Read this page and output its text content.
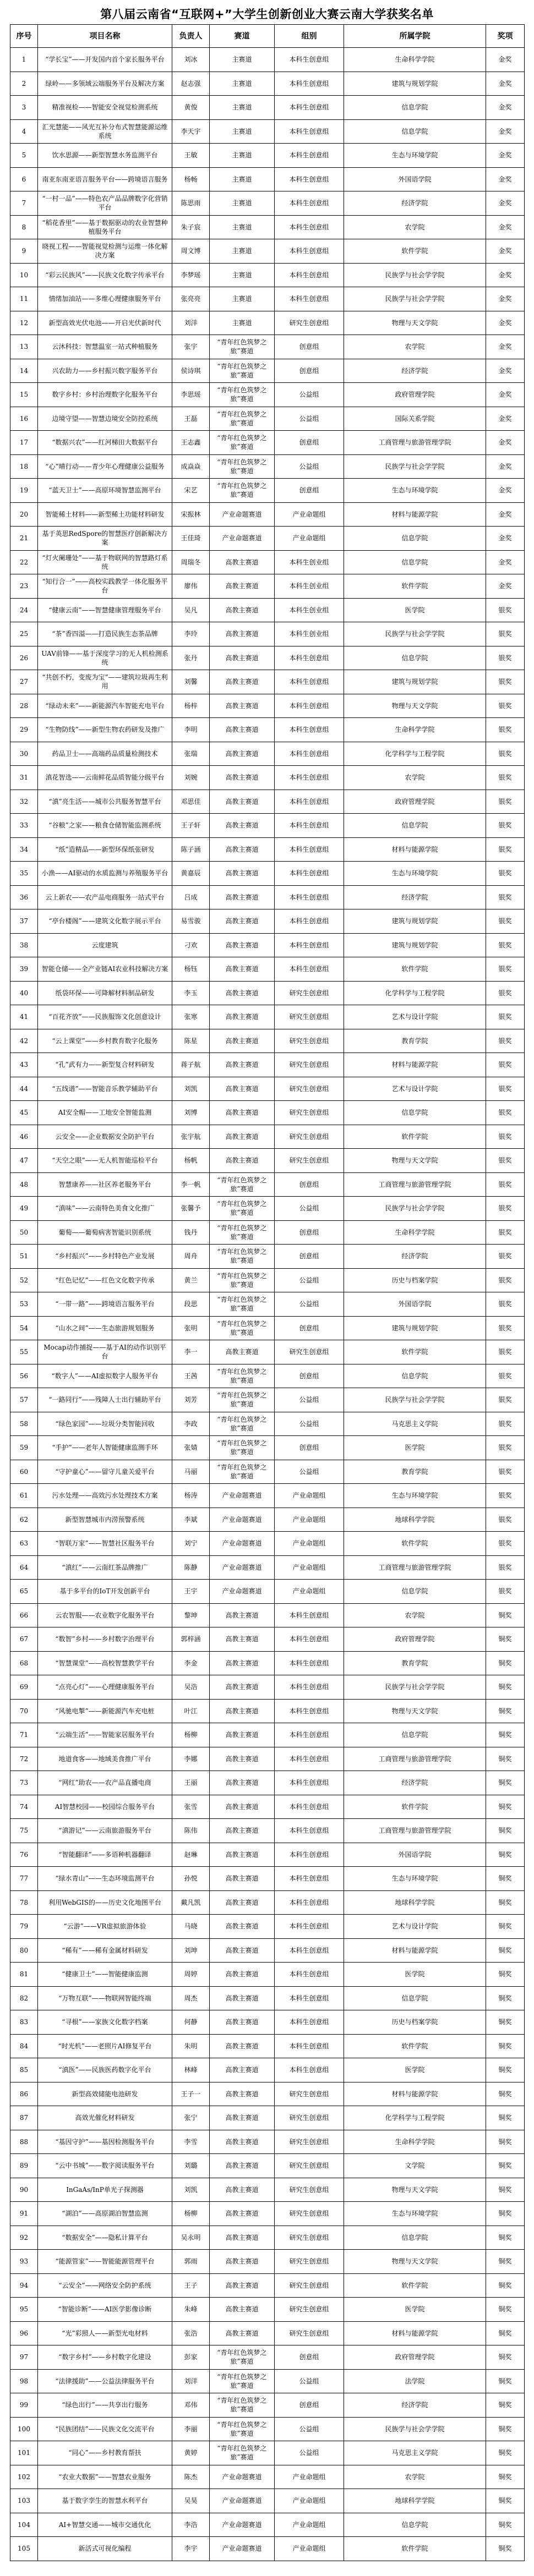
第八届云南省“互联网+”大学生创新创业大赛云南大学获奖名单
序号	项目名称	负责人	赛道	组别	所属学院	奖项
1	“学长宝”——开发国内首个家长服务平台	刘冰	主赛道	本科生创意组	生命科学学院	金奖
2	绿岭——多领域云端服务平台及解决方案	赵志强	主赛道	本科生创意组	建筑与规划学院	金奖
3	精准视检——智能安全视觉检测系统	黄俊	主赛道	本科生创意组	信息学院	金奖
4	汇光慧能——风光互补分布式智慧能源运维系统	李天宇	主赛道	本科生创意组	信息学院	金奖
5	饮水思源——新型智慧水务监测平台	王敏	主赛道	本科生创意组	生态与环境学院	金奖
6	南亚东南亚语言服务平台——跨境语言服务	杨畅	主赛道	本科生创意组	外国语学院	金奖
7	“一村一品”——特色农产品品牌数字化营销平台	陈思雨	主赛道	本科生创意组	经济学院	金奖
8	“稻花香里”——基于数据驱动的农业智慧种植服务平台	朱子宸	主赛道	本科生创意组	农学院	金奖
9	晓视工程——智能视觉检测与运维一体化解决方案	周文博	主赛道	本科生创意组	软件学院	金奖
10	“彩云民族风”——民族文化数字传承平台	李梦瑶	主赛道	本科生创意组	民族学与社会学学院	金奖
11	情绪加油站——多维心理健康服务平台	张亮亮	主赛道	本科生创意组	民族学与社会学学院	金奖
12	新型高效光伏电池——开启光伏新时代	刘洋	主赛道	研究生创意组	物理与天文学院	金奖
13	云沐科技：智慧温室一站式种植服务	张宇	“青年红色筑梦之旅”赛道	创意组	农学院	金奖
14	兴农助力——乡村振兴数字服务平台	侯诗琪	“青年红色筑梦之旅”赛道	创意组	经济学院	金奖
15	数字乡村：乡村治理数字化服务平台	李思瑶	“青年红色筑梦之旅”赛道	公益组	政府管理学院	金奖
16	边境守望——智慧边境安全防控系统	王磊	“青年红色筑梦之旅”赛道	公益组	国际关系学院	金奖
17	“数据兴农”——红河梯田大数据平台	王志鑫	“青年红色筑梦之旅”赛道	创意组	工商管理与旅游管理学院	金奖
18	“心”晴行动——青少年心理健康公益服务	成焱焱	“青年红色筑梦之旅”赛道	公益组	民族学与社会学学院	金奖
19	“蓝天卫士”——高原环境智慧监测平台	宋艺	“青年红色筑梦之旅”赛道	创意组	生态与环境学院	金奖
20	智能稀土材料——新型稀土功能材料研发	宋振林	产业命题赛道	产业命题组	材料与能源学院	金奖
21	基于英思RedSpore的智慧医疗创新解决方案	王佳琦	产业命题赛道	产业命题组	信息学院	金奖
22	“灯火阑珊处”——基于物联网的智慧路灯系统	周瑞冬	高教主赛道	本科生创业组	信息学院	金奖
23	“知行合一”——高校实践教学一体化服务平台	廖伟	高教主赛道	本科生创业组	软件学院	金奖
24	“健康云南”——智慧健康管理服务平台	吴凡	高教主赛道	本科生创业组	医学院	银奖
25	“茶”香四溢——打造民族生态茶品牌	李玲	高教主赛道	本科生创业组	民族学与社会学学院	银奖
26	UAV前锋——基于深度学习的无人机检测系统	张丹	高教主赛道	本科生创意组	信息学院	银奖
27	“共创不朽，变废为宝”——建筑垃圾再生利用	刘馨	高教主赛道	本科生创意组	建筑与规划学院	银奖
28	“绿动未来”——新能源汽车智能充电平台	杨梓	高教主赛道	本科生创意组	物理与天文学院	银奖
29	“生物防线”——新型生物农药研发及推广	李明	高教主赛道	本科生创意组	生命科学学院	银奖
30	药品卫士——高端药品质量检测技术	张瑞	高教主赛道	本科生创意组	化学科学与工程学院	银奖
31	滇花智选——云南鲜花品质智能分级平台	刘婉	高教主赛道	本科生创意组	农学院	银奖
32	“滇”亮生活——城市公共服务智慧平台	邓思佳	高教主赛道	本科生创意组	政府管理学院	银奖
33	“谷粮”之家——粮食仓储智能监测系统	王子轩	高教主赛道	本科生创意组	信息学院	银奖
34	“纸”造精品——新型环保纸张研发	陈子涵	高教主赛道	本科生创意组	材料与能源学院	银奖
35	小渔——AI驱动的水质监测与养殖服务平台	黄嘉辰	高教主赛道	本科生创意组	生态与环境学院	银奖
36	云上新农——农产品电商服务一站式平台	吕成	高教主赛道	本科生创意组	经济学院	银奖
37	“亭台楼阁”——建筑文化数字展示平台	易雪骏	高教主赛道	本科生创意组	建筑与规划学院	银奖
38	云度建筑	刁欢	高教主赛道	本科生创意组	建筑与规划学院	银奖
39	智能仓储——全产业链AI农业科技解决方案	杨钰	高教主赛道	本科生创意组	软件学院	银奖
40	纸袋环保——可降解材料制品研发	李玉	高教主赛道	研究生创意组	化学科学与工程学院	银奖
41	“百花齐放”——民族服饰文化创意设计	张寒	高教主赛道	研究生创意组	艺术与设计学院	银奖
42	“云上课堂”——乡村教育数字化服务	陈星	高教主赛道	研究生创意组	教育学院	银奖
43	“孔”武有力——新型复合材料研发	蒋子航	高教主赛道	研究生创意组	材料与能源学院	银奖
44	“五线谱”——智能音乐教学辅助平台	刘凯	高教主赛道	研究生创意组	艺术与设计学院	银奖
45	AI安全帽——工地安全智能监测	刘博	高教主赛道	研究生创意组	信息学院	银奖
46	云安全——企业数据安全防护平台	张宇航	高教主赛道	研究生创意组	软件学院	银奖
47	“天空之眼”——无人机智能巡检平台	杨帆	高教主赛道	研究生创意组	物理与天文学院	银奖
48	智慧康养——社区养老服务平台	李一帆	“青年红色筑梦之旅”赛道	创意组	工商管理与旅游管理学院	银奖
49	“滇味”——云南特色美食文化推广	张馨予	“青年红色筑梦之旅”赛道	公益组	民族学与社会学学院	银奖
50	葡萄——葡萄病害智能识别系统	钱丹	“青年红色筑梦之旅”赛道	创意组	生命科学学院	银奖
51	“乡村振兴”——乡村特色产业发展	周舟	“青年红色筑梦之旅”赛道	创意组	经济学院	银奖
52	“红色记忆”——红色文化数字传承	黄兰	“青年红色筑梦之旅”赛道	公益组	历史与档案学院	银奖
53	“一带一路”——跨境语言服务平台	段思	“青年红色筑梦之旅”赛道	公益组	外国语学院	银奖
54	“山水之间”——生态旅游规划服务	张明	“青年红色筑梦之旅”赛道	创意组	建筑与规划学院	银奖
55	Mocap动作捕捉——基于AI的动作识别平台	李一	高教主赛道	研究生创意组	软件学院	银奖
56	“数字人”——AI虚拟数字人服务平台	王茜	“青年红色筑梦之旅”赛道	创意组	信息学院	银奖
57	“一路同行”——残障人士出行辅助平台	刘芳	“青年红色筑梦之旅”赛道	公益组	民族学与社会学学院	银奖
58	“绿色家园”——垃圾分类智能回收	李政	“青年红色筑梦之旅”赛道	公益组	马克思主义学院	银奖
59	“手护”——老年人智能健康监测手环	张婧	“青年红色筑梦之旅”赛道	创意组	医学院	银奖
60	“守护童心”——留守儿童关爱平台	马丽	“青年红色筑梦之旅”赛道	公益组	教育学院	银奖
61	污水处理——高效污水处理技术方案	杨涛	产业命题赛道	产业命题组	生态与环境学院	银奖
62	新型智慧城市内涝预警系统	李斌	产业命题赛道	产业命题组	地球科学学院	银奖
63	“智联万家”——智慧社区服务平台	刘宁	产业命题赛道	产业命题组	软件学院	银奖
64	“滇红”——云南红茶品牌推广	陈静	产业命题赛道	产业命题组	工商管理与旅游管理学院	银奖
65	基于多平台的IoT开发创新平台	王宇	产业命题赛道	产业命题组	信息学院	银奖
66	云农智服——农业数字化服务平台	黎坤	高教主赛道	本科生创意组	农学院	铜奖
67	“数智”乡村——乡村数字治理平台	郭梓涵	高教主赛道	本科生创意组	政府管理学院	铜奖
68	“智慧课堂”——高校智慧教学平台	李金	高教主赛道	本科生创意组	教育学院	铜奖
69	“点亮心灯”——心理健康服务平台	吴浩	高教主赛道	本科生创意组	民族学与社会学学院	铜奖
70	“风驰电掣”——新能源汽车充电桩	叶江	高教主赛道	本科生创意组	物理与天文学院	铜奖
71	“云端生活”——智能家居服务平台	杨柳	高教主赛道	本科生创意组	信息学院	铜奖
72	地道食客——地域美食推广平台	李娜	高教主赛道	本科生创意组	工商管理与旅游管理学院	铜奖
73	“网红”助农——农产品直播电商	王丽	高教主赛道	本科生创意组	经济学院	铜奖
74	AI智慧校园——校园综合服务平台	张雪	高教主赛道	本科生创意组	软件学院	铜奖
75	“滇游记”——云南旅游服务平台	陈伟	高教主赛道	本科生创意组	工商管理与旅游管理学院	铜奖
76	“智能翻译”——多语种机器翻译	赵琳	高教主赛道	本科生创意组	外国语学院	铜奖
77	“绿水青山”——生态环境监测平台	孙悦	高教主赛道	本科生创意组	生态与环境学院	铜奖
78	利用WebGIS的——历史文化地图平台	戴凡凯	高教主赛道	本科生创意组	地球科学学院	铜奖
79	“云游”——VR虚拟旅游体验	马晓	高教主赛道	本科生创意组	艺术与设计学院	铜奖
80	“稀有”——稀有金属材料研发	刘坤	高教主赛道	本科生创意组	材料与能源学院	铜奖
81	“健康卫士”——智能健康监测	周婷	高教主赛道	本科生创意组	医学院	铜奖
82	“万物互联”——物联网智能终端	周杰	高教主赛道	本科生创意组	信息学院	铜奖
83	“寻根”——家族文化数字档案	何静	高教主赛道	本科生创意组	历史与档案学院	铜奖
84	“时光机”——老照片AI修复平台	朱明	高教主赛道	本科生创意组	软件学院	铜奖
85	“滇医”——民族医药数字化平台	林峰	高教主赛道	本科生创意组	医学院	铜奖
86	新型高效储能电池研发	王子一	高教主赛道	研究生创意组	材料与能源学院	铜奖
87	高效光催化材料研发	张宁	高教主赛道	研究生创意组	化学科学与工程学院	铜奖
88	“基因守护”——基因检测服务平台	李雪	高教主赛道	研究生创意组	生命科学学院	铜奖
89	“云中书城”——数字阅读服务平台	刘璐	高教主赛道	研究生创意组	文学院	铜奖
90	InGaAs/InP单光子探测器	刘凯	高教主赛道	研究生创意组	物理与天文学院	铜奖
91	“湖泊”——高原湖泊智慧监测	杨柳	高教主赛道	研究生创意组	生态与环境学院	铜奖
92	“数据安全”——隐私计算平台	吴永明	高教主赛道	研究生创意组	信息学院	铜奖
93	“能源管家”——智能能源管理平台	郭雨	高教主赛道	研究生创意组	物理与天文学院	铜奖
94	“云安全”——网络安全防护系统	王子	高教主赛道	研究生创意组	软件学院	铜奖
95	“智能诊断”——AI医学影像诊断	朱峰	高教主赛道	研究生创意组	医学院	铜奖
96	“光”彩照人——新型光电材料	张浩	高教主赛道	研究生创意组	材料与能源学院	铜奖
97	“数字乡村”——乡村数字化建设	彭家	“青年红色筑梦之旅”赛道	创意组	政府管理学院	铜奖
98	“法律援助”——公益法律服务平台	刘洋	“青年红色筑梦之旅”赛道	公益组	法学院	铜奖
99	“绿色出行”——共享出行服务	邓伟	“青年红色筑梦之旅”赛道	创意组	经济学院	铜奖
100	“民族团结”——民族文化交流平台	李丽	“青年红色筑梦之旅”赛道	公益组	民族学与社会学学院	铜奖
101	“同心”——乡村教育帮扶	黄婷	“青年红色筑梦之旅”赛道	公益组	马克思主义学院	铜奖
102	“农业大数据”——智慧农业服务	陈杰	产业命题赛道	产业命题组	农学院	铜奖
103	基于数字孪生的智慧水利平台	吴昊	产业命题赛道	产业命题组	地球科学学院	铜奖
104	AI+智慧交通——城市交通优化	李浩	产业命题赛道	产业命题组	信息学院	铜奖
105	新活式可视化编程	李宇	产业命题赛道	产业命题组	软件学院	铜奖
